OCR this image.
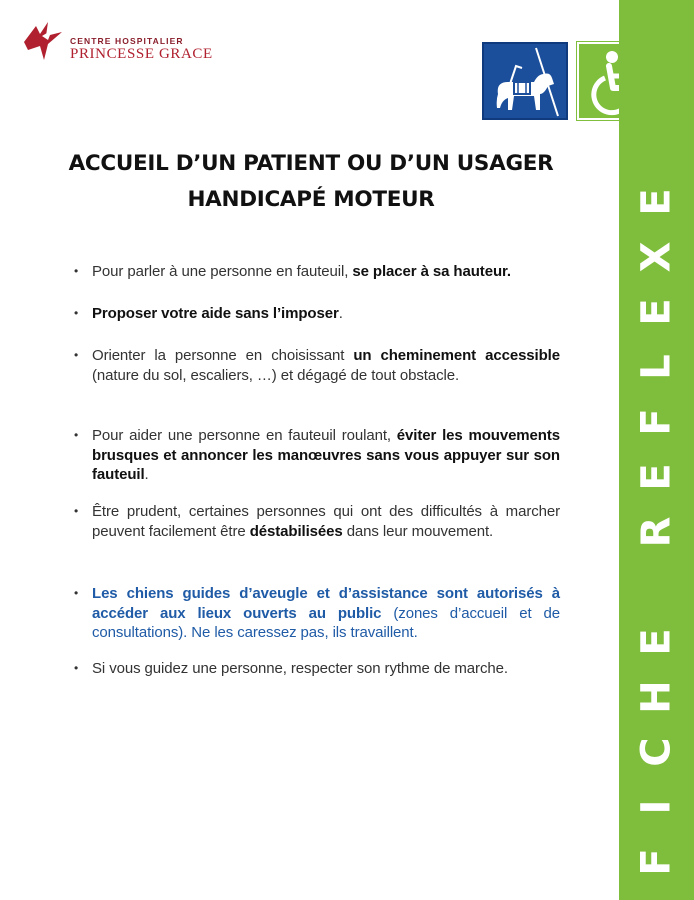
CENTRE HOSPITALIER
PRINCESSE GRACE
F
I
C
H
E
R
E
F
L
E
X
E
ACCUEIL D’UN PATIENT OU D’UN USAGER
HANDICAPÉ MOTEUR
• Pour parler à une personne en fauteuil, se placer à sa hauteur.
• Proposer votre aide sans l’imposer.
• Orienter la personne en choisissant un cheminement accessible (nature du sol, escaliers, …) et dégagé de tout obstacle.
• Pour aider une personne en fauteuil roulant, éviter les mouvements brusques et annoncer les manœuvres sans vous appuyer sur son fauteuil.
• Être prudent, certaines personnes qui ont des difficultés à marcher peuvent facilement être déstabilisées dans leur mouvement.
• Les chiens guides d’aveugle et d’assistance sont autorisés à accéder aux lieux ouverts au public (zones d’accueil et de consultations). Ne les caressez pas, ils travaillent.
• Si vous guidez une personne, respecter son rythme de marche.
